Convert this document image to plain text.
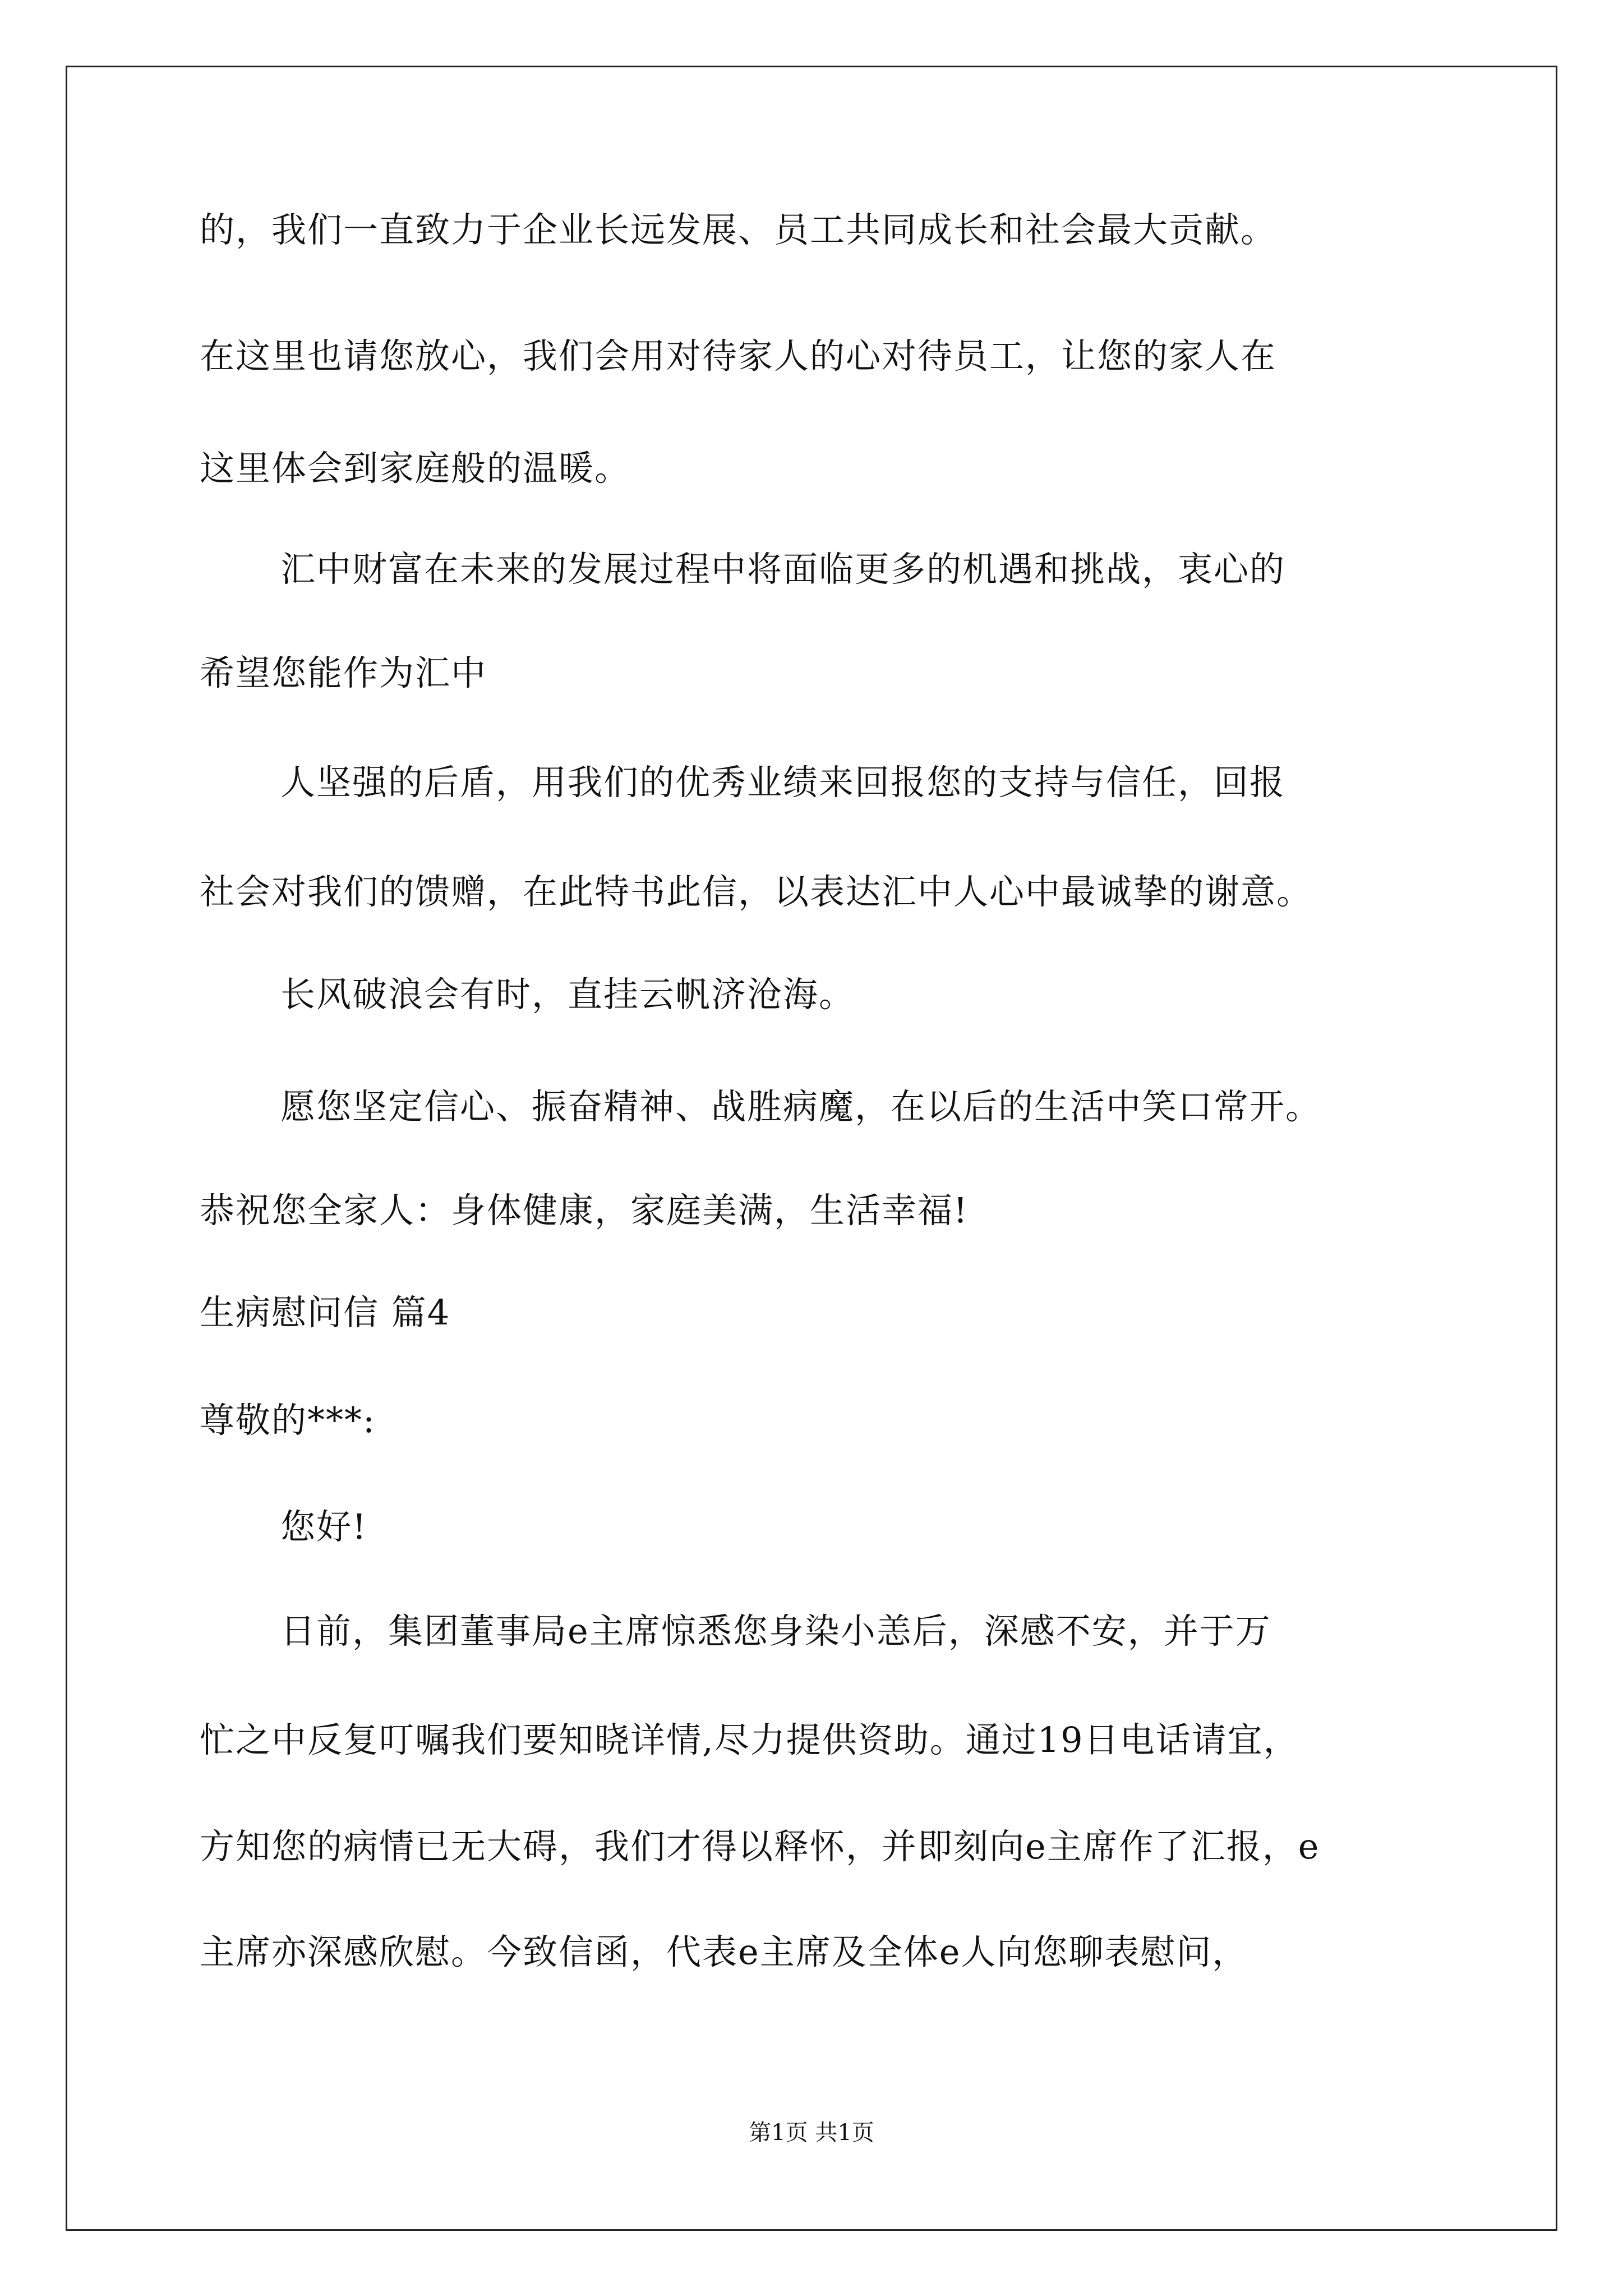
的，我们一直致力于企业长远发展、员工共同成长和社会最大贡献。
在这里也请您放心，我们会用对待家人的心对待员工，让您的家人在
这里体会到家庭般的温暖。
汇中财富在未来的发展过程中将面临更多的机遇和挑战，衷心的
希望您能作为汇中
人坚强的后盾，用我们的优秀业绩来回报您的支持与信任，回报
社会对我们的馈赠，在此特书此信，以表达汇中人心中最诚挚的谢意。
长风破浪会有时，直挂云帆济沧海。
愿您坚定信心、振奋精神、战胜病魔，在以后的生活中笑口常开。
恭祝您全家人：身体健康，家庭美满，生活幸福!
生病慰问信 篇4
尊敬的***:
您好!
日前，集团董事局e主席惊悉您身染小恙后，深感不安，并于万
忙之中反复叮嘱我们要知晓详情,尽力提供资助。通过19日电话请宜，
方知您的病情已无大碍，我们才得以释怀，并即刻向e主席作了汇报，e
主席亦深感欣慰。今致信函，代表e主席及全体e人向您聊表慰问，
第1页 共1页
